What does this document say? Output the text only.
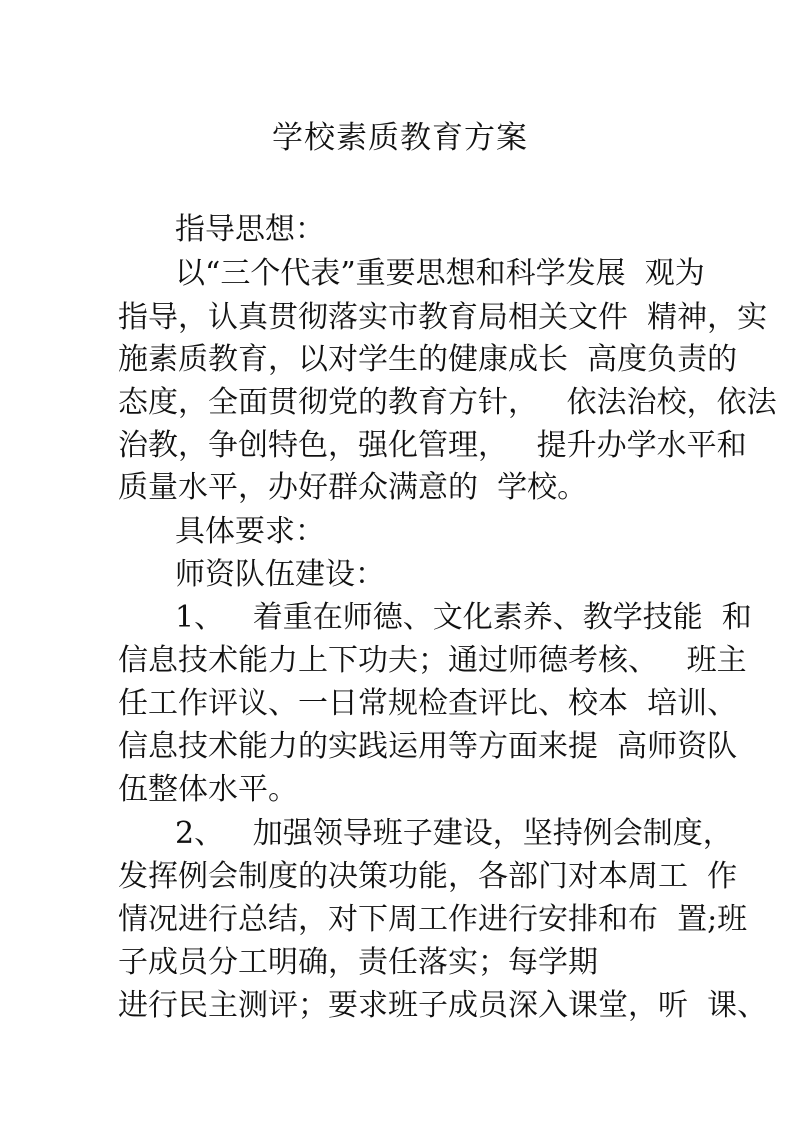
学校素质教育方案
指导思想：
以“三个代表”重要思想和科学发展  观为
指导，认真贯彻落实市教育局相关文件  精神，实
施素质教育，以对学生的健康成长  高度负责的
态度，全面贯彻党的教育方针，   依法治校，依法
治教，争创特色，强化管理，   提升办学水平和
质量水平，办好群众满意的  学校。
具体要求：
师资队伍建设：
1、   着重在师德、文化素养、教学技能  和
信息技术能力上下功夫；通过师德考核、   班主
任工作评议、一日常规检查评比、校本  培训、
信息技术能力的实践运用等方面来提  高师资队
伍整体水平。
2、   加强领导班子建设，坚持例会制度，
发挥例会制度的决策功能，各部门对本周工  作
情况进行总结，对下周工作进行安排和布  置;班
子成员分工明确，责任落实；每学期
进行民主测评；要求班子成员深入课堂，听  课、
